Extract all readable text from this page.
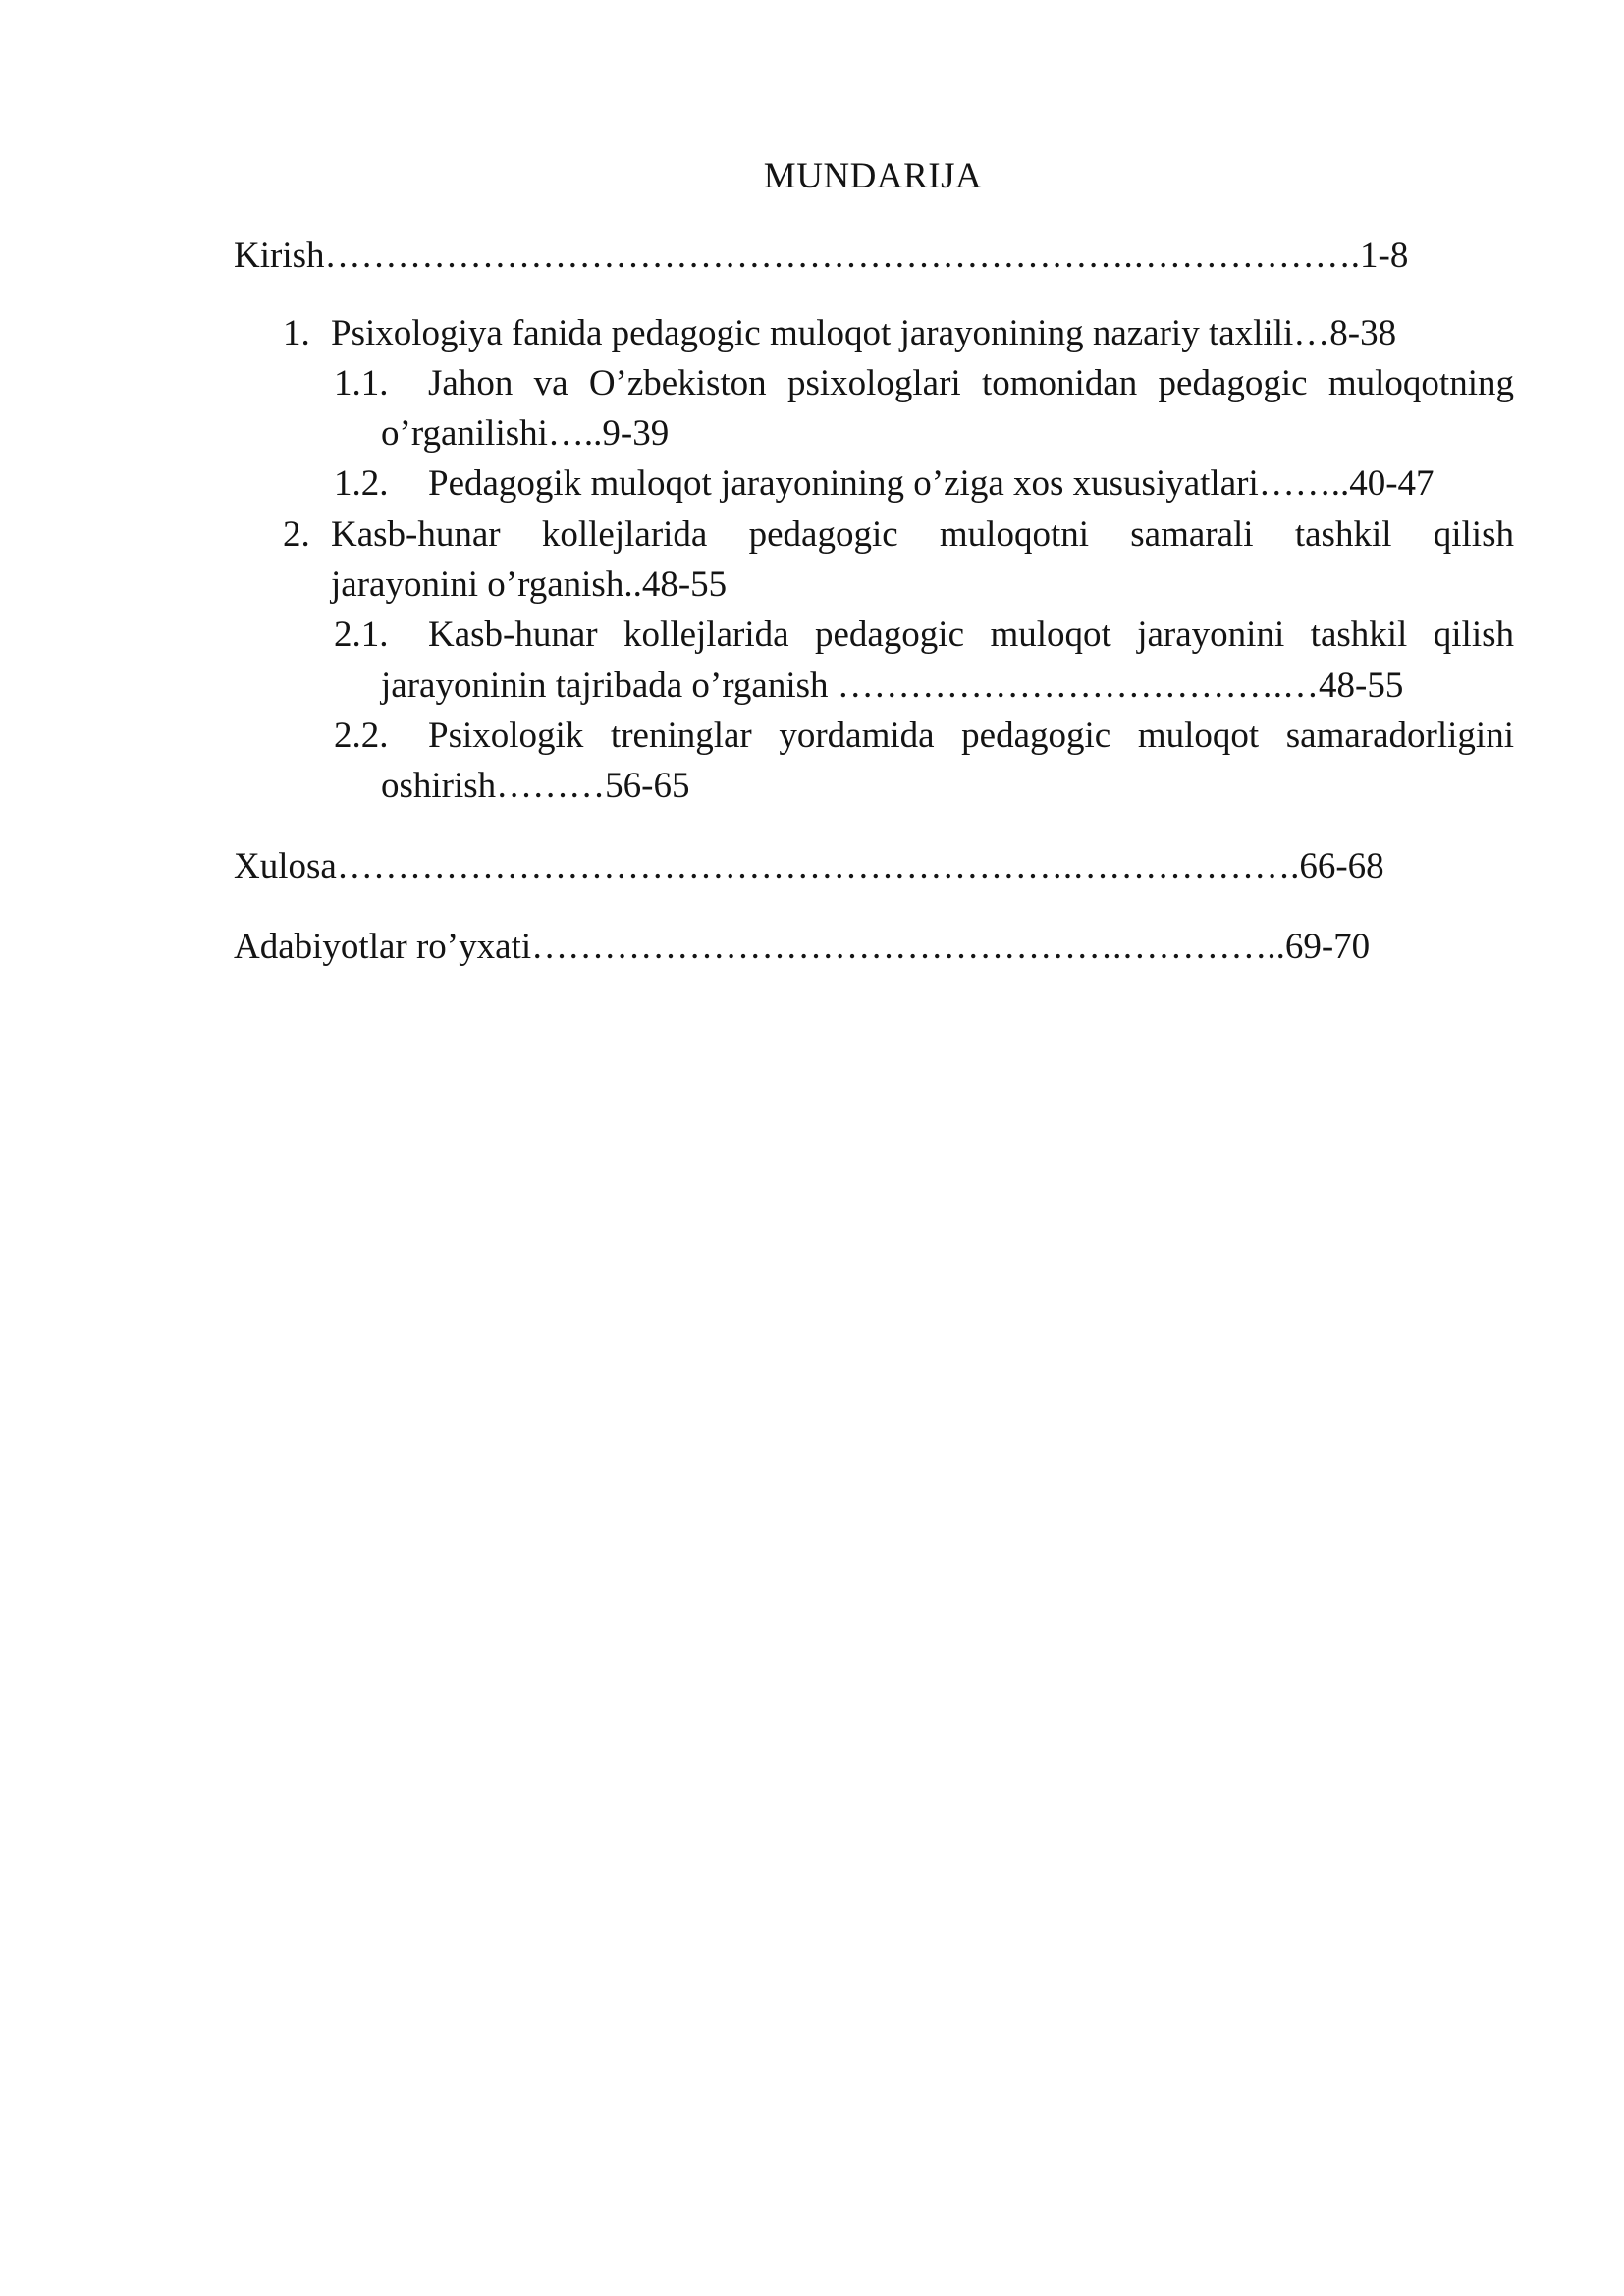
MUNDARIJA
Kirish………………………………………………………….……………….1-8
1. Psixologiya fanida pedagogic muloqot jarayonining nazariy taxlili…8-38
1.1. Jahon va O’zbekiston psixologlari tomonidan pedagogic muloqotning
o’rganilishi…..9-39
1.2. Pedagogik muloqot jarayonining o’ziga xos xususiyatlari……..40-47
2. Kasb-hunar kollejlarida pedagogic muloqotni samarali tashkil qilish
jarayonini o’rganish..48-55
2.1. Kasb-hunar kollejlarida pedagogic muloqot jarayonini tashkil qilish
jarayoninin tajribada o’rganish ……………………………….…48-55
2.2. Psixologik treninglar yordamida pedagogic muloqot samaradorligini
oshirish………56-65
Xulosa…………………………………………………….……………….66-68
Adabiyotlar ro’yxati………………………………………….…………..69-70
